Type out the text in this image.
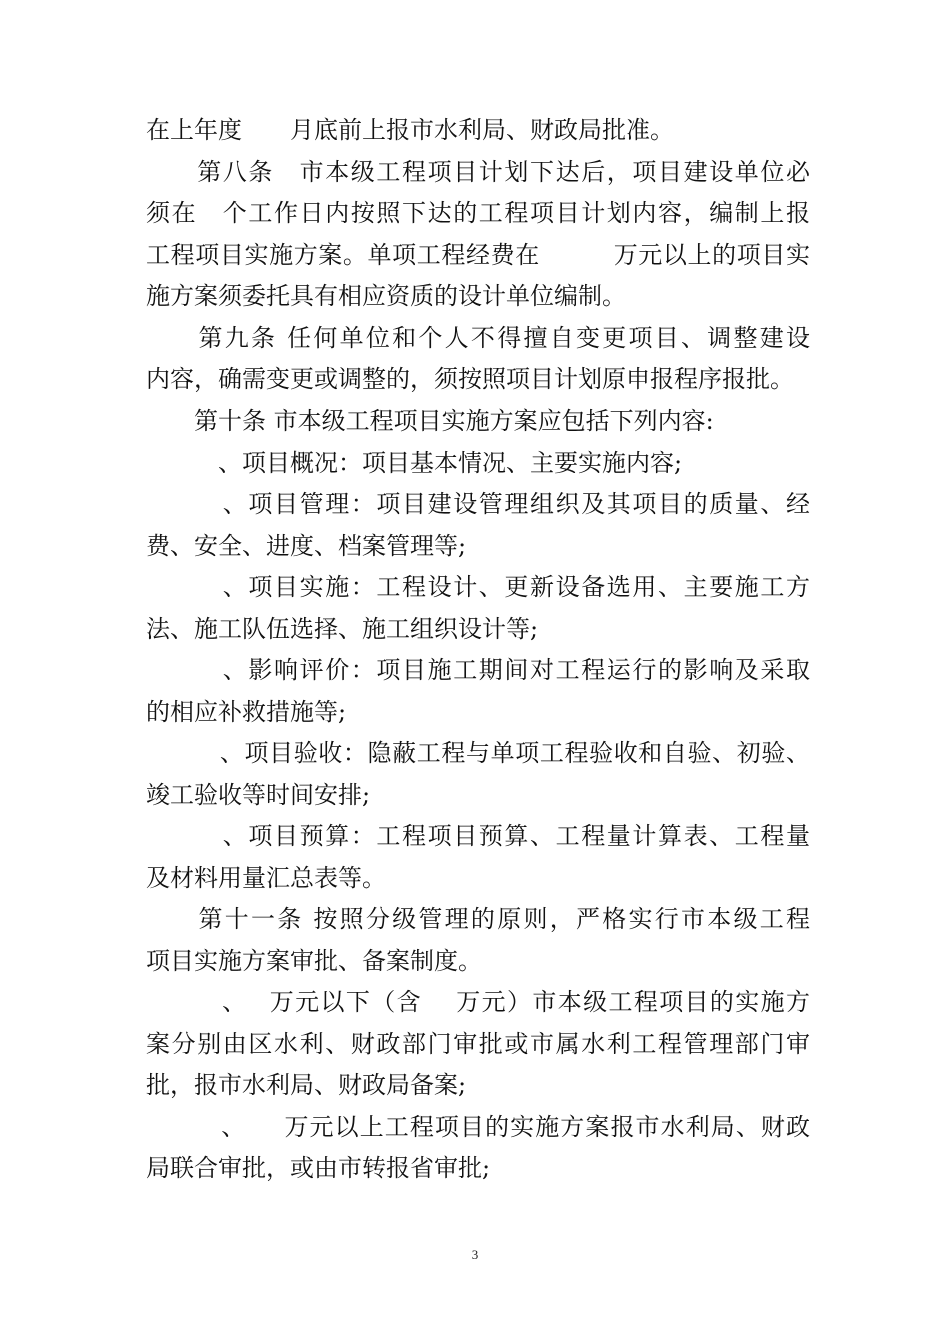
在上年度　　月底前上报市水利局、财政局批准。
　　第八条　市本级工程项目计划下达后，项目建设单位必
须在　个工作日内按照下达的工程项目计划内容，编制上报
工程项目实施方案。单项工程经费在　　　万元以上的项目实
施方案须委托具有相应资质的设计单位编制。
　　第九条 任何单位和个人不得擅自变更项目、调整建设
内容，确需变更或调整的，须按照项目计划原申报程序报批。
　　第十条 市本级工程项目实施方案应包括下列内容:
　　　、项目概况：项目基本情况、主要实施内容;
　　　、项目管理：项目建设管理组织及其项目的质量、经
费、安全、进度、档案管理等;
　　　、项目实施：工程设计、更新设备选用、主要施工方
法、施工队伍选择、施工组织设计等;
　　　、影响评价：项目施工期间对工程运行的影响及采取
的相应补救措施等;
　　　、项目验收：隐蔽工程与单项工程验收和自验、初验、
竣工验收等时间安排;
　　　、项目预算：工程项目预算、工程量计算表、工程量
及材料用量汇总表等。
　　第十一条 按照分级管理的原则，严格实行市本级工程
项目实施方案审批、备案制度。
　　　、　 万元以下（含　 万元）市本级工程项目的实施方
案分别由区水利、财政部门审批或市属水利工程管理部门审
批，报市水利局、财政局备案;
　　　、　　万元以上工程项目的实施方案报市水利局、财政
局联合审批，或由市转报省审批;
3
